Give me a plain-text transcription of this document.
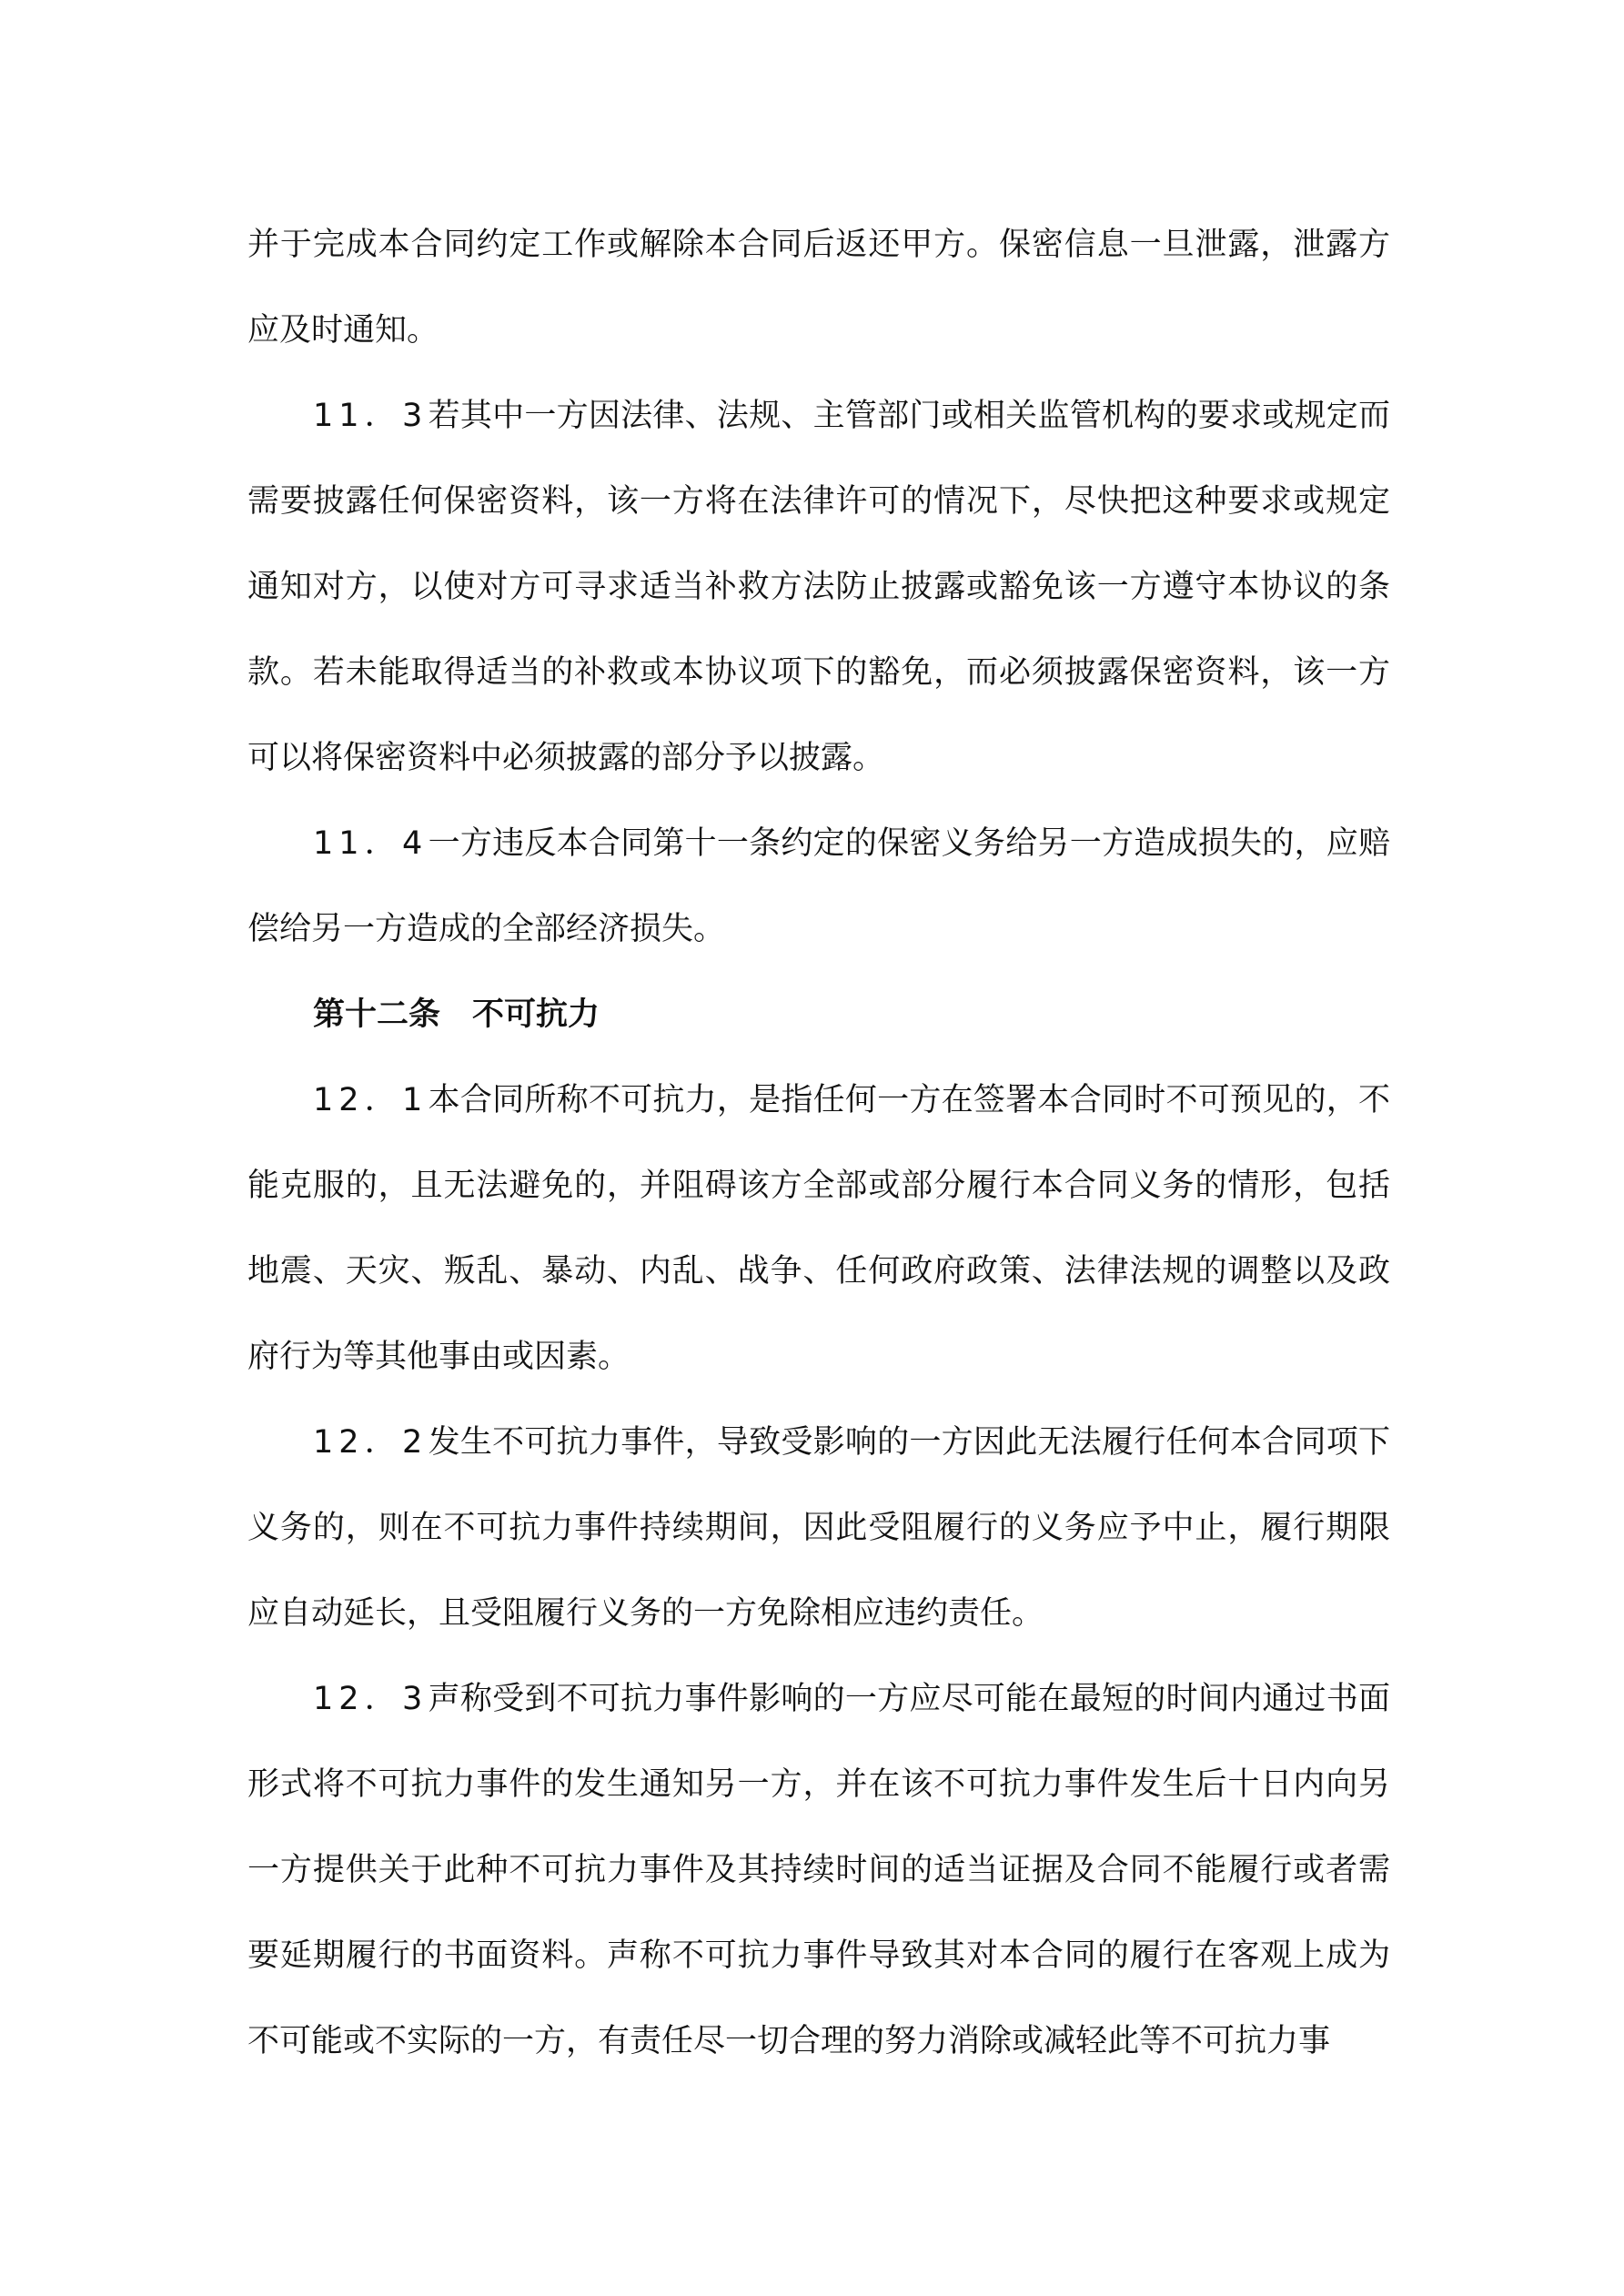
并于完成本合同约定工作或解除本合同后返还甲方。保密信息一旦泄露，泄露方应及时通知。

11．3若其中一方因法律、法规、主管部门或相关监管机构的要求或规定而需要披露任何保密资料，该一方将在法律许可的情况下，尽快把这种要求或规定通知对方，以使对方可寻求适当补救方法防止披露或豁免该一方遵守本协议的条款。若未能取得适当的补救或本协议项下的豁免，而必须披露保密资料，该一方可以将保密资料中必须披露的部分予以披露。

11．4一方违反本合同第十一条约定的保密义务给另一方造成损失的，应赔偿给另一方造成的全部经济损失。

第十二条　不可抗力

12．1本合同所称不可抗力，是指任何一方在签署本合同时不可预见的，不能克服的，且无法避免的，并阻碍该方全部或部分履行本合同义务的情形，包括地震、天灾、叛乱、暴动、内乱、战争、任何政府政策、法律法规的调整以及政府行为等其他事由或因素。

12．2发生不可抗力事件，导致受影响的一方因此无法履行任何本合同项下义务的，则在不可抗力事件持续期间，因此受阻履行的义务应予中止，履行期限应自动延长，且受阻履行义务的一方免除相应违约责任。

12．3声称受到不可抗力事件影响的一方应尽可能在最短的时间内通过书面形式将不可抗力事件的发生通知另一方，并在该不可抗力事件发生后十日内向另一方提供关于此种不可抗力事件及其持续时间的适当证据及合同不能履行或者需要延期履行的书面资料。声称不可抗力事件导致其对本合同的履行在客观上成为不可能或不实际的一方，有责任尽一切合理的努力消除或减轻此等不可抗力事
